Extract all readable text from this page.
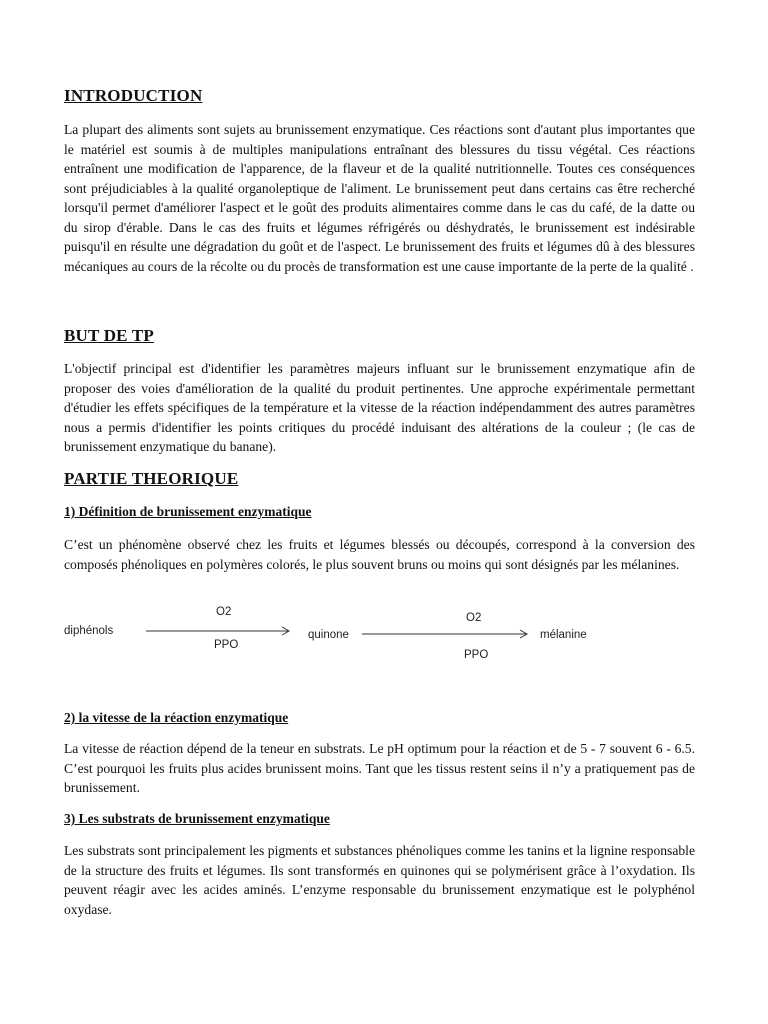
INTRODUCTION
La plupart des aliments sont sujets au brunissement enzymatique. Ces réactions sont d'autant plus importantes que le matériel est soumis à de multiples manipulations entraînant des blessures du tissu végétal. Ces réactions entraînent une modification de l'apparence, de la flaveur et de la qualité nutritionnelle. Toutes ces conséquences sont préjudiciables à la qualité organoleptique de l'aliment. Le brunissement peut dans certains cas être recherché lorsqu'il permet d'améliorer l'aspect et le goût des produits alimentaires comme dans le cas du café, de la datte ou du sirop d'érable. Dans le cas des fruits et légumes réfrigérés ou déshydratés, le brunissement est indésirable puisqu'il en résulte une dégradation du goût et de l'aspect. Le brunissement des fruits et légumes dû à des blessures mécaniques au cours de la récolte ou du procès de transformation est une cause importante de la perte de la qualité .
BUT DE TP
L'objectif principal est d'identifier les paramètres majeurs influant sur le brunissement enzymatique afin de proposer des voies d'amélioration de la qualité du produit pertinentes. Une approche expérimentale permettant d'étudier les effets spécifiques de la température et la vitesse de la réaction indépendamment des autres paramètres nous a permis d'identifier les points critiques du procédé induisant des altérations de la couleur ; (le cas de brunissement enzymatique du banane).
PARTIE THEORIQUE
1) Définition de brunissement enzymatique
C’est un phénomène observé chez les fruits et légumes blessés ou découpés, correspond à la conversion des composés phénoliques en polymères colorés, le plus souvent bruns ou moins qui sont désignés par les mélanines.
diphénols
O2
PPO
quinone
O2
PPO
mélanine
2) la vitesse de la réaction enzymatique
La vitesse de réaction dépend de la teneur en substrats. Le pH optimum pour la réaction et de 5 - 7 souvent 6 - 6.5. C’est pourquoi les fruits plus acides brunissent moins. Tant que les tissus restent seins il n’y a pratiquement pas de brunissement.
3) Les substrats de brunissement enzymatique
Les substrats sont principalement les pigments et substances phénoliques comme les tanins et la lignine responsable de la structure des fruits et légumes. Ils sont transformés en quinones qui se polymérisent grâce à l’oxydation. Ils peuvent réagir avec les acides aminés. L’enzyme responsable du brunissement enzymatique est le polyphénol oxydase.
